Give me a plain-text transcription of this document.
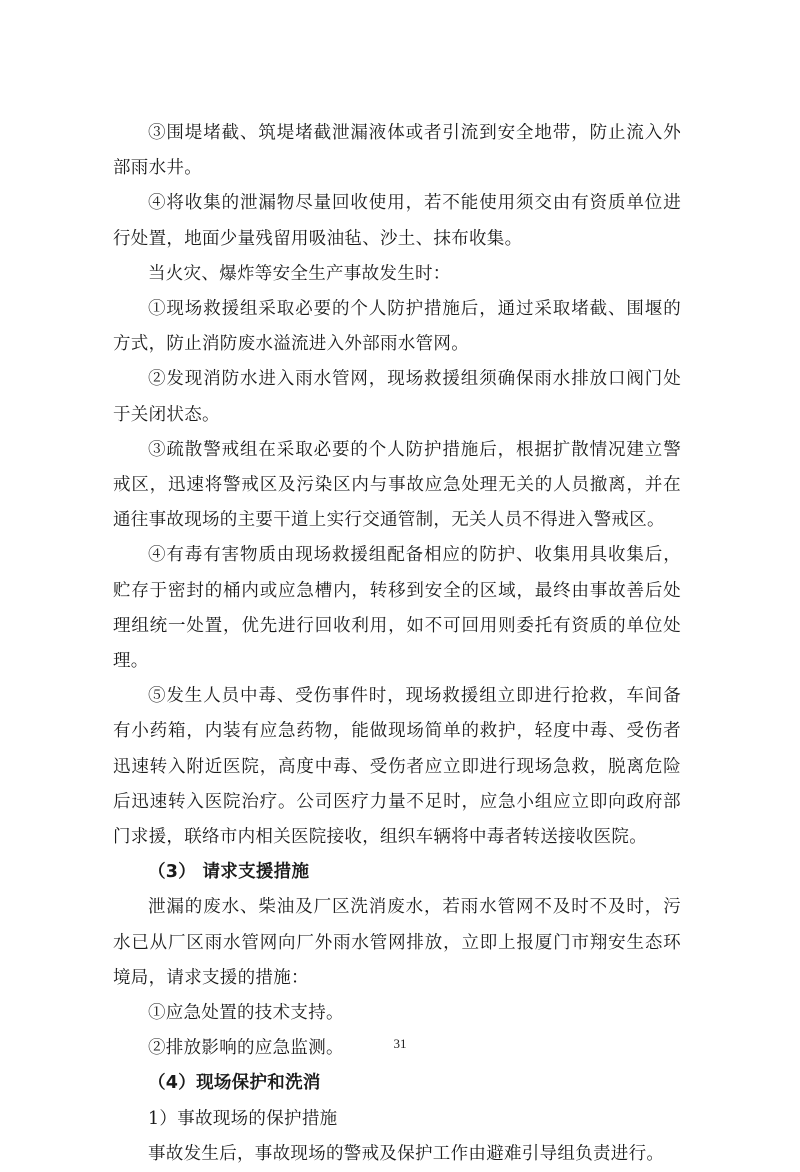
③围堤堵截、筑堤堵截泄漏液体或者引流到安全地带，防止流入外部雨水井。

④将收集的泄漏物尽量回收使用，若不能使用须交由有资质单位进行处置，地面少量残留用吸油毡、沙土、抹布收集。

当火灾、爆炸等安全生产事故发生时：

①现场救援组采取必要的个人防护措施后，通过采取堵截、围堰的方式，防止消防废水溢流进入外部雨水管网。

②发现消防水进入雨水管网，现场救援组须确保雨水排放口阀门处于关闭状态。

③疏散警戒组在采取必要的个人防护措施后，根据扩散情况建立警戒区，迅速将警戒区及污染区内与事故应急处理无关的人员撤离，并在通往事故现场的主要干道上实行交通管制，无关人员不得进入警戒区。

④有毒有害物质由现场救援组配备相应的防护、收集用具收集后，贮存于密封的桶内或应急槽内，转移到安全的区域，最终由事故善后处理组统一处置，优先进行回收利用，如不可回用则委托有资质的单位处理。

⑤发生人员中毒、受伤事件时，现场救援组立即进行抢救，车间备有小药箱，内装有应急药物，能做现场简单的救护，轻度中毒、受伤者迅速转入附近医院，高度中毒、受伤者应立即进行现场急救，脱离危险后迅速转入医院治疗。公司医疗力量不足时，应急小组应立即向政府部门求援，联络市内相关医院接收，组织车辆将中毒者转送接收医院。

（3） 请求支援措施

泄漏的废水、柴油及厂区洗消废水，若雨水管网不及时不及时，污水已从厂区雨水管网向厂外雨水管网排放，立即上报厦门市翔安生态环境局，请求支援的措施：

①应急处置的技术支持。

②排放影响的应急监测。

（4）现场保护和洗消

1）事故现场的保护措施

事故发生后，事故现场的警戒及保护工作由避难引导组负责进行。

31
